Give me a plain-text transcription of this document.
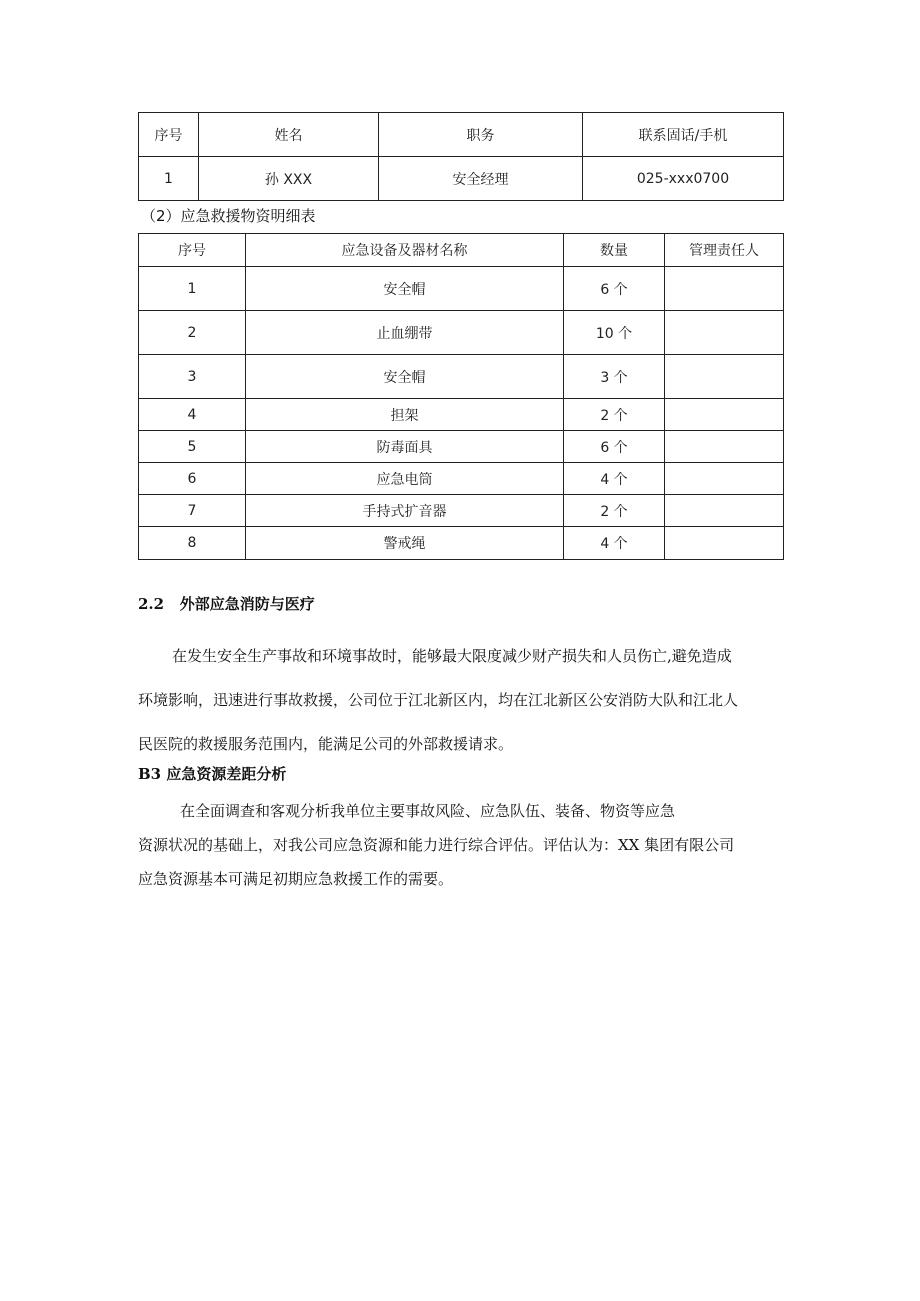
序号	姓名	职务	联系固话/手机
1	孙 XXX	安全经理	025-xxx0700
（2）应急救援物资明细表
序号	应急设备及器材名称	数量	管理责任人
1	安全帽	6 个	
2	止血绷带	10 个	
3	安全帽	3 个	
4	担架	2 个	
5	防毒面具	6 个	
6	应急电筒	4 个	
7	手持式扩音器	2 个	
8	警戒绳	4 个	
2.2   外部应急消防与医疗
在发生安全生产事故和环境事故时，能够最大限度减少财产损失和人员伤亡,避免造成
环境影响，迅速进行事故救援，公司位于江北新区内，均在江北新区公安消防大队和江北人
民医院的救援服务范围内，能满足公司的外部救援请求。
B3 应急资源差距分析
在全面调查和客观分析我单位主要事故风险、应急队伍、装备、物资等应急
资源状况的基础上，对我公司应急资源和能力进行综合评估。评估认为：XX 集团有限公司
应急资源基本可满足初期应急救援工作的需要。
